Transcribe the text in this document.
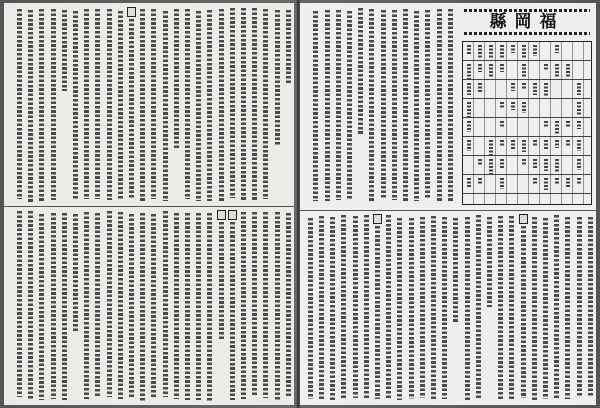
福岡縣
